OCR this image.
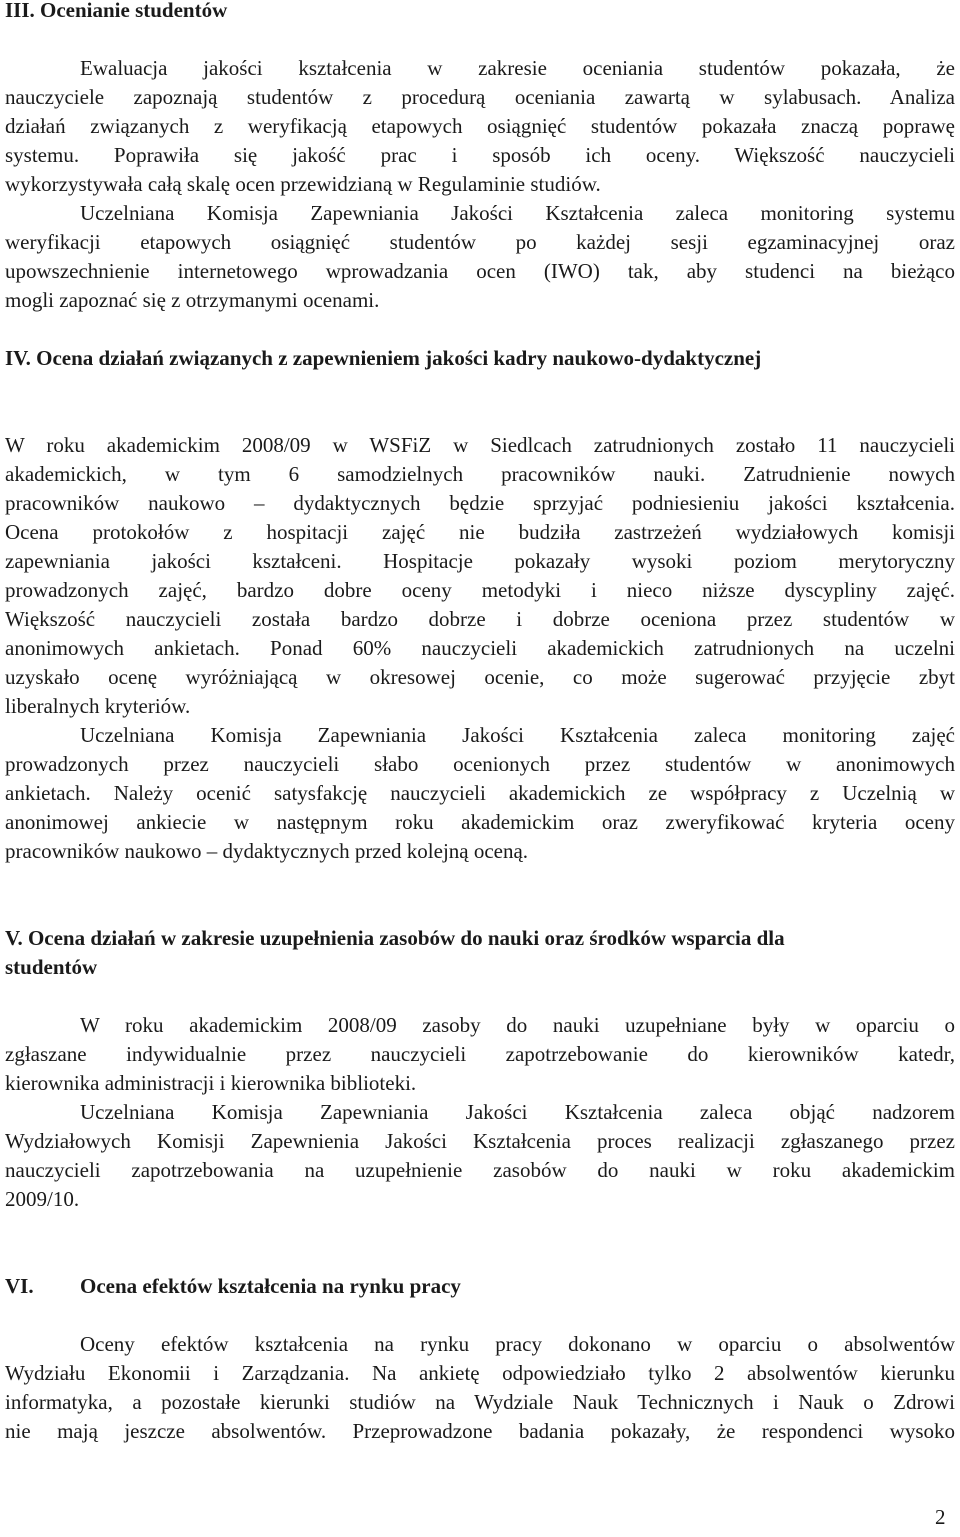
III. Ocenianie studentów

Ewaluacja jakości kształcenia w zakresie oceniania studentów pokazała, że

nauczyciele zapoznają studentów z procedurą oceniania zawartą w sylabusach. Analiza

działań związanych z weryfikacją etapowych osiągnięć studentów pokazała znaczą poprawę

systemu. Poprawiła się jakość prac i sposób ich oceny. Większość nauczycieli

wykorzystywała całą skalę ocen przewidzianą w Regulaminie studiów.

Uczelniana Komisja Zapewniania Jakości Kształcenia zaleca monitoring systemu

weryfikacji etapowych osiągnięć studentów po każdej sesji egzaminacyjnej oraz

upowszechnienie internetowego wprowadzania ocen (IWO) tak, aby studenci na bieżąco

mogli zapoznać się z otrzymanymi ocenami.

IV. Ocena działań związanych z zapewnieniem jakości kadry naukowo-dydaktycznej

W roku akademickim 2008/09 w WSFiZ w Siedlcach zatrudnionych zostało 11 nauczycieli

akademickich, w tym 6 samodzielnych pracowników nauki. Zatrudnienie nowych

pracowników naukowo – dydaktycznych będzie sprzyjać podniesieniu jakości kształcenia.

Ocena protokołów z hospitacji zajęć nie budziła zastrzeżeń wydziałowych komisji

zapewniania jakości kształceni. Hospitacje pokazały wysoki poziom merytoryczny

prowadzonych zajęć, bardzo dobre oceny metodyki i nieco niższe dyscypliny zajęć.

Większość nauczycieli została bardzo dobrze i dobrze oceniona przez studentów w

anonimowych ankietach. Ponad 60% nauczycieli akademickich zatrudnionych na uczelni

uzyskało ocenę wyróżniającą w okresowej ocenie, co może sugerować przyjęcie zbyt

liberalnych kryteriów.

Uczelniana Komisja Zapewniania Jakości Kształcenia zaleca monitoring zajęć

prowadzonych przez nauczycieli słabo ocenionych przez studentów w anonimowych

ankietach. Należy ocenić satysfakcję nauczycieli akademickich ze współpracy z Uczelnią w

anonimowej ankiecie w następnym roku akademickim oraz zweryfikować kryteria oceny

pracowników naukowo – dydaktycznych przed kolejną oceną.

V. Ocena działań w zakresie uzupełnienia zasobów do nauki oraz środków wsparcia dla

studentów

W roku akademickim 2008/09 zasoby do nauki uzupełniane były w oparciu o

zgłaszane indywidualnie przez nauczycieli zapotrzebowanie do kierowników katedr,

kierownika administracji i kierownika biblioteki.

Uczelniana Komisja Zapewniania Jakości Kształcenia zaleca objąć nadzorem

Wydziałowych Komisji Zapewnienia Jakości Kształcenia proces realizacji zgłaszanego przez

nauczycieli zapotrzebowania na uzupełnienie zasobów do nauki w roku akademickim

2009/10.

VI.	Ocena efektów kształcenia na rynku pracy

Oceny efektów kształcenia na rynku pracy dokonano w oparciu o absolwentów

Wydziału Ekonomii i Zarządzania. Na ankietę odpowiedziało tylko 2 absolwentów kierunku

informatyka, a pozostałe kierunki studiów na Wydziale Nauk Technicznych i Nauk o Zdrowi

nie mają jeszcze absolwentów. Przeprowadzone badania pokazały, że respondenci wysoko

2
